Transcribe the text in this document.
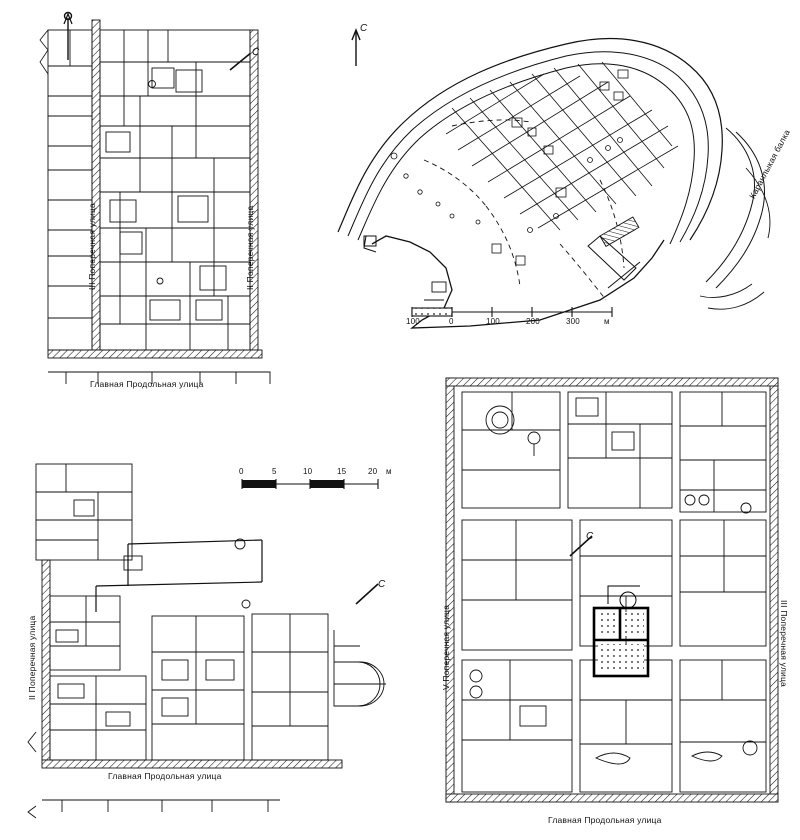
С
III Поперечная улица	II Поперечная улица
Главная Продольная улица
С
Каранлыкая балка
100	0	100	200	300	м
0	5	10	15	20 м
С
II Поперечная улица
Главная Продольная улица
С
V Поперечная улица	III Поперечная улица
Главная Продольная улица
